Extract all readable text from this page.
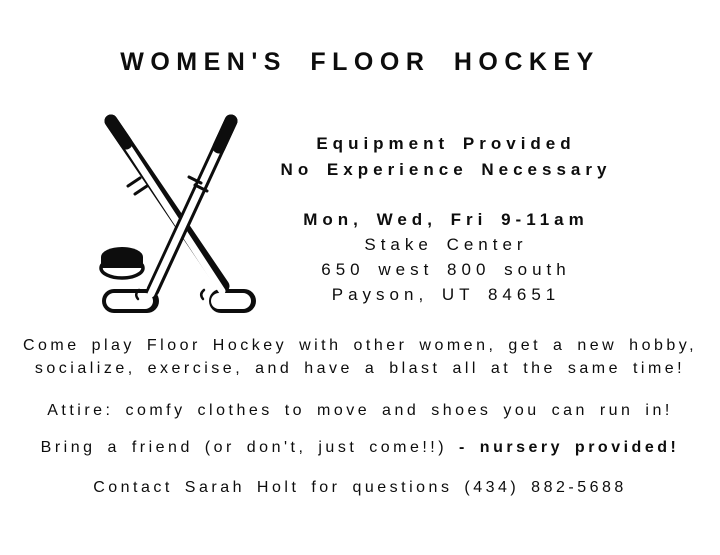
WOMEN'S FLOOR HOCKEY
Equipment Provided
No Experience Necessary
Mon, Wed, Fri 9-11am
Stake Center
650 west 800 south
Payson, UT 84651

Come play Floor Hockey with other women, get a new hobby,
socialize, exercise, and have a blast all at the same time!

Attire: comfy clothes to move and shoes you can run in!

Bring a friend (or don't, just come!!) - nursery provided!

Contact Sarah Holt for questions (434) 882-5688
